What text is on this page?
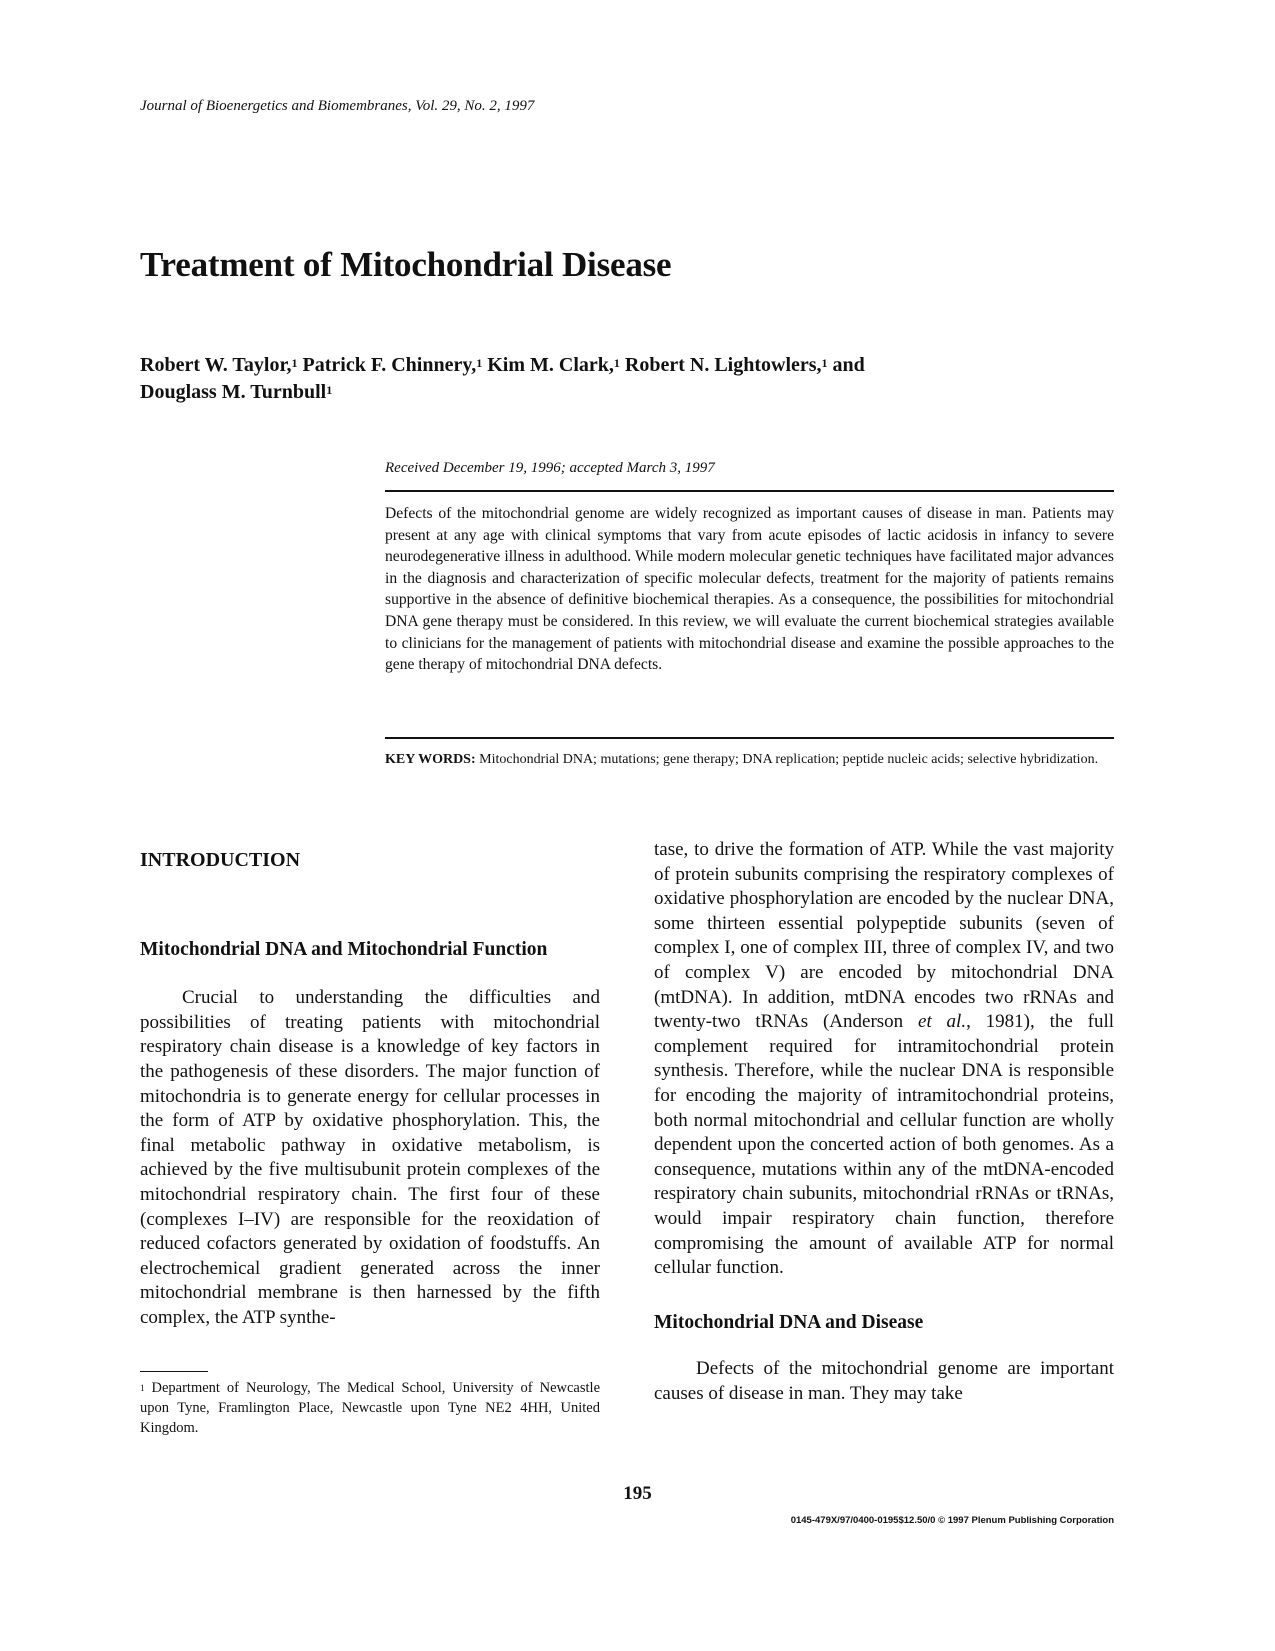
Journal of Bioenergetics and Biomembranes, Vol. 29, No. 2, 1997
Treatment of Mitochondrial Disease
Robert W. Taylor,$^1$ Patrick F. Chinnery,$^1$ Kim M. Clark,$^1$ Robert N. Lightowlers,$^1$ and
Douglass M. Turnbull$^1$
Received December 19, 1996; accepted March 3, 1997

Defects of the mitochondrial genome are widely recognized as important causes of disease in man. Patients may present at any age with clinical symptoms that vary from acute episodes of lactic acidosis in infancy to severe neurodegenerative illness in adulthood. While modern molecular genetic techniques have facilitated major advances in the diagnosis and characterization of specific molecular defects, treatment for the majority of patients remains supportive in the absence of definitive biochemical therapies. As a consequence, the possibilities for mitochondrial DNA gene therapy must be considered. In this review, we will evaluate the current biochemical strategies available to clinicians for the management of patients with mitochondrial disease and examine the possible approaches to the gene therapy of mitochondrial DNA defects.

KEY WORDS: Mitochondrial DNA; mutations; gene therapy; DNA replication; peptide nucleic acids; selective hybridization.

INTRODUCTION
Mitochondrial DNA and Mitochondrial Function

Crucial to understanding the difficulties and possibilities of treating patients with mitochondrial respiratory chain disease is a knowledge of key factors in the pathogenesis of these disorders. The major function of mitochondria is to generate energy for cellular processes in the form of ATP by oxidative phosphorylation. This, the final metabolic pathway in oxidative metabolism, is achieved by the five multisubunit protein complexes of the mitochondrial respiratory chain. The first four of these (complexes I–IV) are responsible for the reoxidation of reduced cofactors generated by oxidation of foodstuffs. An electrochemical gradient generated across the inner mitochondrial membrane is then harnessed by the fifth complex, the ATP synthe-

tase, to drive the formation of ATP. While the vast majority of protein subunits comprising the respiratory complexes of oxidative phosphorylation are encoded by the nuclear DNA, some thirteen essential polypeptide subunits (seven of complex I, one of complex III, three of complex IV, and two of complex V) are encoded by mitochondrial DNA (mtDNA). In addition, mtDNA encodes two rRNAs and twenty-two tRNAs (Anderson et al., 1981), the full complement required for intramitochondrial protein synthesis. Therefore, while the nuclear DNA is responsible for encoding the majority of intramitochondrial proteins, both normal mitochondrial and cellular function are wholly dependent upon the concerted action of both genomes. As a consequence, mutations within any of the mtDNA-encoded respiratory chain subunits, mitochondrial rRNAs or tRNAs, would impair respiratory chain function, therefore compromising the amount of available ATP for normal cellular function.

Mitochondrial DNA and Disease

Defects of the mitochondrial genome are important causes of disease in man. They may take

$^1$ Department of Neurology, The Medical School, University of Newcastle upon Tyne, Framlington Place, Newcastle upon Tyne NE2 4HH, United Kingdom.
195
0145-479X/97/0400-0195$12.50/0 © 1997 Plenum Publishing Corporation
